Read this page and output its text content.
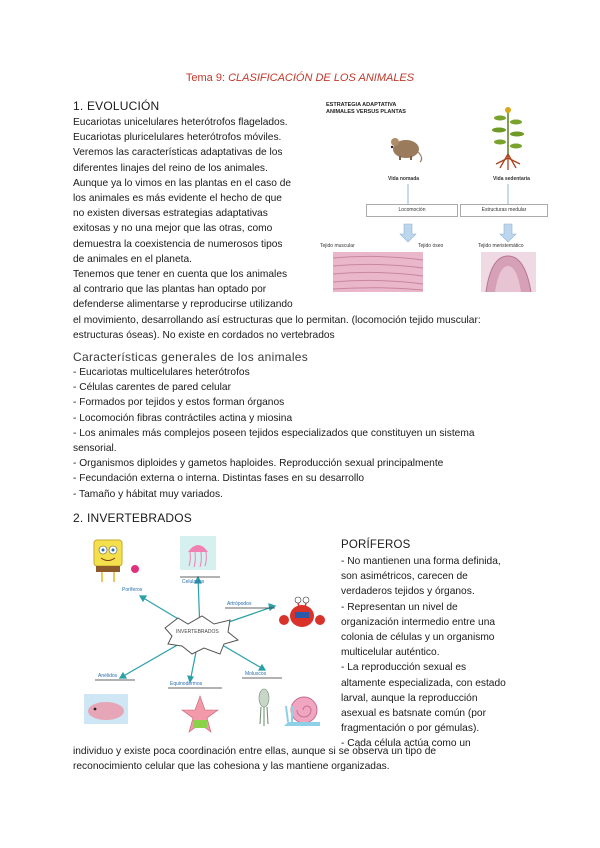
Tema 9: CLASIFICACIÓN DE LOS ANIMALES
1. EVOLUCIÓN
Eucariotas unicelulares heterótrofos flagelados.
Eucariotas pluricelulares heterótrofos móviles.
Veremos las características adaptativas de los
diferentes linajes del reino de los animales.
Aunque ya lo vimos en las plantas en el caso de
los animales es más evidente el hecho de que
no existen diversas estrategias adaptativas
exitosas y no una mejor que las otras, como
demuestra la coexistencia de numerosos tipos
de animales en el planeta.
Tenemos que tener en cuenta que los animales
al contrario que las plantas han optado por
defenderse alimentarse y reproducirse utilizando
el movimiento, desarrollando así estructuras que lo permitan. (locomoción tejido muscular:
estructuras óseas). No existe en cordados no vertebrados
ESTRATEGIA ADAPTATIVA
ANIMALES VERSUS PLANTAS
Vida nomada	Vida sedentaria
Locomoción	Estructuras medular
Tejido muscular	Tejido óseo	Tejido meristemático
Características generales de los animales
- Eucariotas multicelulares heterótrofos
- Células carentes de pared celular
- Formados por tejidos y estos forman órganos
- Locomoción fibras contráctiles actina y miosina
- Los animales más complejos poseen tejidos especializados que constituyen un sistema
sensorial.
- Organismos diploides y gametos haploides. Reproducción sexual principalmente
- Fecundación externa o interna. Distintas fases en su desarrollo
- Tamaño y hábitat muy variados.
2. INVERTEBRADOS
INVERTEBRADOS
Poríferos
Celulados
Artrópodos
Anélidos
Equinodermos
Moluscos
PORÍFEROS
- No mantienen una forma definida,
son asimétricos, carecen de
verdaderos tejidos y órganos.
- Representan un nivel de
organización intermedio entre una
colonia de células y un organismo
multicelular auténtico.
- La reproducción sexual es
altamente especializada, con estado
larval, aunque la reproducción
asexual es batsnate común (por
fragmentación o por gémulas).
- Cada célula actúa como un
individuo y existe poca coordinación entre ellas, aunque si se observa un tipo de
reconocimiento celular que las cohesiona y las mantiene organizadas.
